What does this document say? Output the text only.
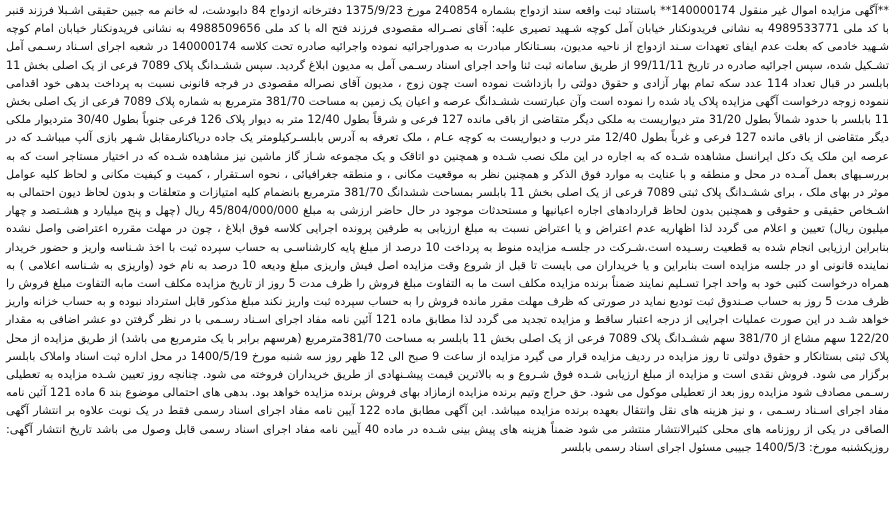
**آگهی مزایده اموال غیر منقول 140000174** باستناد ثبت واقعه سند ازدواج بشماره 240854 مورخ 1375/9/23 دفترخانه ازدواج 84 دابودشت، له خانم مه جبین حقیقی اشـبلا فرزند قنبر با کد ملی 4989533771 به نشانی فریدونکنار خیابان آمل کوچه شـهید تصیری علیه: آقای نصـراله مقصودی فرزند فتح اله با کد ملی 4988509656 به نشانی فریدونکنار خیابان امام کوچه شـهید خادمی که بعلت عدم ایفای تعهدات سـند ازدواج از ناحیه مدیون، بسـتانکار مبادرت به صدوراجرائیه نموده واجرائیه صادره تحت کلاسه 140000174 در شعبه اجرای اسـناد رسـمی آمل تشـکیل شده، سپس اجرائیه صادره در تاریخ 99/11/11 از طریق سامانه ثبت ثنا واحد اجرای اسناد رسـمی آمل به مدیون ابلاغ گردید. سپس ششـدانگ پلاک 7089 فرعی از یک اصلی بخش 11 بابلسر در قبال تعداد 114 عدد سکه تمام بهار آزادی و حقوق دولتی را بازداشت نموده است چون زوج ، مدیون آقای نصراله مقصودی در فرجه قانونی نسبت به پرداخت بدهی خود اقدامی ننموده زوجه درخواست آگهی مزایده پلاک یاد شده را نموده است وآن عبارتست ششـدانگ عرصه و اعیان یک زمین به مساحت 381/70 مترمربع به شماره پلاک 7089 فرعی از یک اصلی بخش 11 بابلسر با حدود شمالاً بطول 31/20 متر دیواریست به ملکی دیگر متقاضی از باقی مانده 127 فرعی و شرقاً بطول 12/40 متر به دیوار پلاک 126 فرعی جنوباً بطول 30/40 متردیوار ملکی دیگر متقاضی از باقی مانده 127 فرعی و غرباً بطول 12/40 متر درب و دیواریست به کوچه عـام ، ملک تعرفه به آدرس بابلسـرکیلومتر یک جاده دریاکنارمقابل شـهر بازی آلپ میباشـد که در عرصه این ملک یک دکل ایرانسل مشاهده شـده که به اجاره در این ملک نصب شـده و همچنین دو اتاقک و یک مجموعه شـاز گاز ماشین نیز مشاهده شـده که در اختیار مستاجر است که به بررسـیهای بعمل آمـده در محل و منطقه و با عنایت به موارد فوق الذکر و همچنین نظر به موقعیت مکانی ، و منطقه جغرافیائی ، نحوه اسـتقرار ، کمیت و کیفیت مکانی و لحاظ کلیه عوامل موثر در بهای ملک ، برای ششـدانگ پلاک ثبتی 7089 فرعی از یک اصلی بخش 11 بابلسر بمساحت ششدانگ 381/70 مترمربع بانضمام کلیه امتیازات و متعلقات و بدون لحاظ دیون احتمالی به اشـخاص حقیقی و حقوقی و همچنین بدون لحاظ قراردادهای اجاره اعیانیها و مستحدثات موجود در حال حاضر ارزشی به مبلغ 45/804/000/000 ریال (چهل و پنج میلیارد و هشـتصد و چهار میلیون ریال) تعیین و اعلام می گردد لذا اظهاریه عدم اعتراض و یا اعتراض نسبت به مبلغ ارزیابی به طرفین پرونده اجرایی کلاسه فوق ابلاغ ، چون در مهلت مقرره اعتراضی واصل نشده بنابراین ارزیابی انجام شده به قطعیت رسـیده است.شـرکت در جلسـه مزایده منوط به پرداخت 10 درصد از مبلغ پایه کارشناسـی به حساب سپرده ثبت با اخذ شـناسه واریز و حضور خریدار نماینده قانونی او در جلسه مزایده است بنابراین و یا خریداران می بایست تا قبل از شروع وقت مزایده اصل فیش واریزی مبلغ ودیعه 10 درصد به نام خود (واریزی به شـناسه اعلامی ) به همراه درخواست کتبی خود به واحد اجرا تسـلیم نمایند ضمناً برنده مزایده مکلف است ما به التفاوت مبلغ فروش را ظرف مدت 5 روز از تاریخ مزایده مکلف است مابه التفاوت مبلغ فروش را ظرف مدت 5 روز به حساب صـندوق ثبت تودیع نماید در صورتی که ظرف مهلت مقرر مانده فروش را به حساب سپرده ثبت واریز نکند مبلغ مذکور قابل استرداد نبوده و به حساب خزانه واریز خواهد شـد در این صورت عملیات اجرایی از درجه اعتبار ساقط و مزایده تجدید می گردد لذا مطابق ماده 121 آئین نامه مفاد اجرای اسـناد رسـمی با در نظر گرفتن دو عشر اضافی به مقدار 122/20 سهم مشاع از 381/70 سهم ششـدانگ پلاک 7089 فرعی از یک اصلی بخش 11 بابلسر به مساحت 381/70مترمربع (هرسهم برابر با یک مترمربع می باشد) از طریق مزایده از محل پلاک ثبتی بستانکار و حقوق دولتی تا روز مزایده در ردیف مزایده قرار می گیرد مزایده از ساعت 9 صبح الی 12 ظهر روز سه شنبه مورخ 1400/5/19 در محل اداره ثبت اسناد واملاک بابلسر برگزار می شود. فروش نقدی است و مزایده از مبلغ ارزیابی شـده فوق شـروع و به بالاترین قیمت پیشـنهادی از طریق خریداران فروخته می شود. چنانچه روز تعیین شـده مزایده به تعطیلی رسـمی مصادف شود مزایده روز بعد از تعطیلی موکول می شود. حق حراج وتیم برنده مزایده ازمازاد بهای فروش برنده مزایده خواهد بود. بدهی های احتمالی موضوع بند 6 ماده 121 آئین نامه مفاد اجرای اسـناد رسـمی ، و نیز هزینه های نقل وانتقال بعهده برنده مزایده میباشد. این آگهی مطابق ماده 122 آیین نامه مفاد اجرای اسناد رسمی فقط در یک نوبت علاوه بر انتشار آگهی الصاقی در یکی از روزنامه های محلی کثیرالانتشار منتشر می شود ضمناً هزینه های پیش بینی شـده در ماده 40 آیین نامه مفاد اجرای اسناد رسمی قابل وصول می باشد تاریخ انتشار آگهی: روزیکشنبه مورخ: 1400/5/3 جبیبی مسئول اجرای اسناد رسمی بابلسر
